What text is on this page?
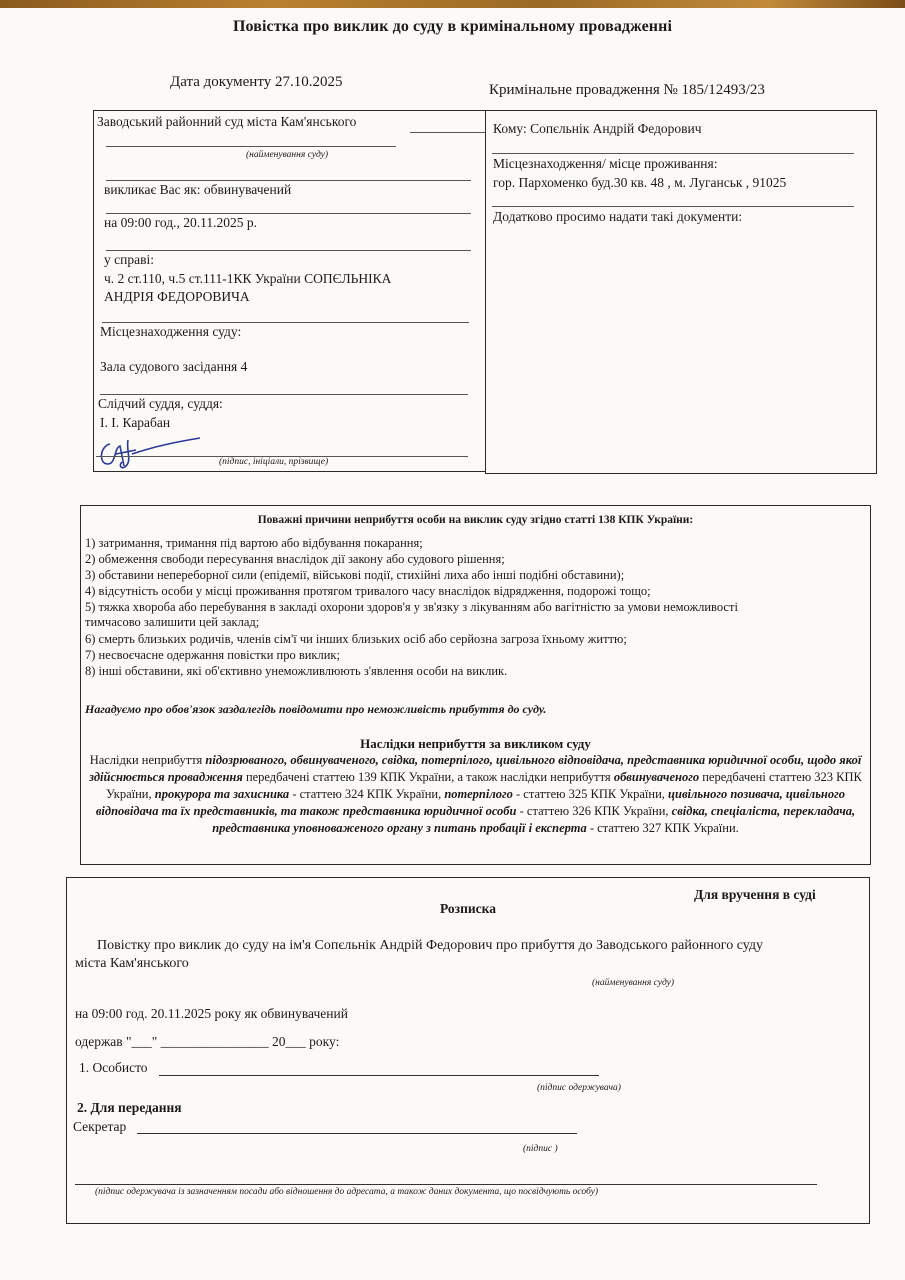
Повістка про виклик до суду в кримінальному провадженні
Дата документу 27.10.2025	Кримінальне провадження № 185/12493/23
Заводський районний суд міста Кам'янського
(найменування суду)
викликає Вас як: обвинувачений
на 09:00 год., 20.11.2025 р.
у справі:
ч. 2 ст.110, ч.5 ст.111-1КК України СОПЄЛЬНІКА
АНДРІЯ ФЕДОРОВИЧА
Місцезнаходження суду:
Зала судового засідання 4
Слідчий суддя, суддя:
І. І. Карабан
(підпис, ініціали, прізвище)
Кому: Сопєльнік Андрій Федорович
Місцезнаходження/ місце проживання:
гор. Пархоменко буд.30 кв. 48 , м. Луганськ , 91025
Додатково просимо надати такі документи:
Поважні причини неприбуття особи на виклик суду згідно статті 138 КПК України:
1) затримання, тримання під вартою або відбування покарання;
2) обмеження свободи пересування внаслідок дії закону або судового рішення;
3) обставини непереборної сили (епідемії, військові події, стихійні лиха або інші подібні обставини);
4) відсутність особи у місці проживання протягом тривалого часу внаслідок відрядження, подорожі тощо;
5) тяжка хвороба або перебування в закладі охорони здоров'я у зв'язку з лікуванням або вагітністю за умови неможливості
тимчасово залишити цей заклад;
6) смерть близьких родичів, членів сім'ї чи інших близьких осіб або серйозна загроза їхньому життю;
7) несвоєчасне одержання повістки про виклик;
8) інші обставини, які об'єктивно унеможливлюють з'явлення особи на виклик.
Нагадуємо про обов'язок заздалегідь повідомити про неможливість прибуття до суду.
Наслідки неприбуття за викликом суду
Наслідки неприбуття підозрюваного, обвинуваченого, свідка, потерпілого, цивільного відповідача, представника юридичної особи, щодо якої здійснюється провадження передбачені статтею 139 КПК України, а також наслідки неприбуття обвинуваченого передбачені статтею 323 КПК України, прокурора та захисника - статтею 324 КПК України, потерпілого - статтею 325 КПК України, цивільного позивача, цивільного відповідача та їх представників, та також представника юридичної особи - статтею 326 КПК України, свідка, спеціаліста, перекладача, представника уповноваженого органу з питань пробації і експерта - статтею 327 КПК України.
Для вручення в суді
Розписка
Повістку про виклик до суду на ім'я Сопєльнік Андрій Федорович про прибуття до Заводського районного суду
міста Кам'янського
(найменування суду)
на 09:00 год. 20.11.2025 року як обвинувачений
одержав "___" ________________ 20___ року:
1. Особисто
(підпис одержувача)
2. Для передання
Секретар
(підпис )
(підпис одержувача із зазначенням посади або відношення до адресата, а також даних документа, що посвідчують особу)
